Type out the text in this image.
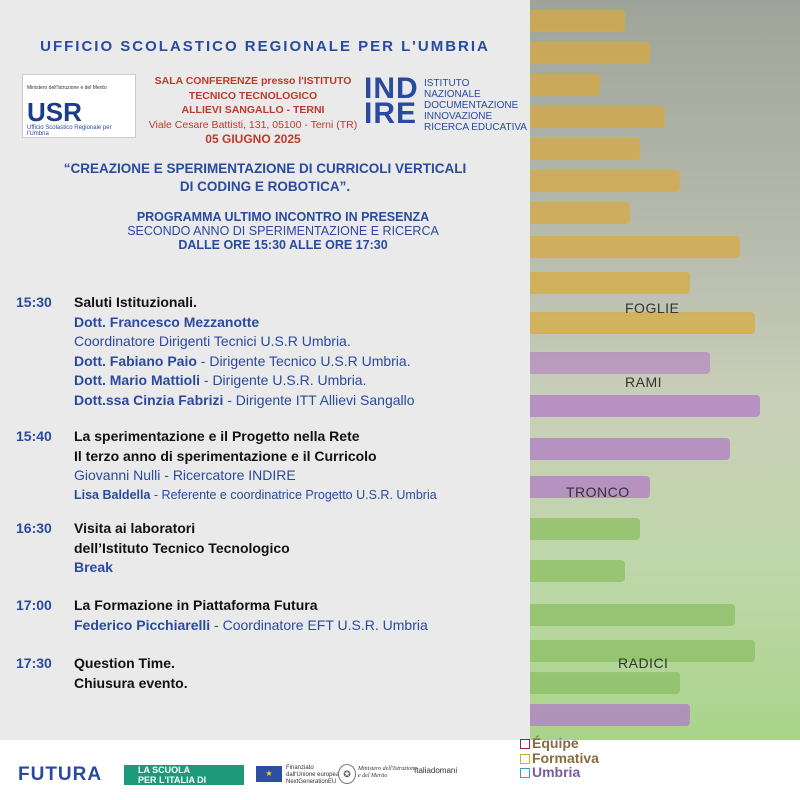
FOGLIE
RAMI
TRONCO
RADICI
UFFICIO SCOLASTICO REGIONALE PER L'UMBRIA
Ministero dell'Istruzione e del Merito
USR
Ufficio Scolastico Regionale per l'Umbria
SALA CONFERENZE presso l'ISTITUTO
TECNICO TECNOLOGICO
ALLIEVI SANGALLO - TERNI
Viale Cesare Battisti, 131, 05100 - Terni (TR)
05 GIUGNO 2025
IND
IRE
ISTITUTO
NAZIONALE
DOCUMENTAZIONE
INNOVAZIONE
RICERCA EDUCATIVA
“CREAZIONE E SPERIMENTAZIONE DI CURRICOLI VERTICALI
DI CODING E ROBOTICA”.
PROGRAMMA ULTIMO INCONTRO IN PRESENZA
SECONDO ANNO DI SPERIMENTAZIONE E RICERCA
DALLE ORE 15:30 ALLE ORE 17:30
15:30 Saluti Istituzionali.
Dott. Francesco Mezzanotte
Coordinatore Dirigenti Tecnici U.S.R Umbria.
Dott. Fabiano Paio - Dirigente Tecnico U.S.R Umbria.
Dott. Mario Mattioli - Dirigente U.S.R. Umbria.
Dott.ssa Cinzia Fabrizi - Dirigente ITT Allievi Sangallo
15:40 La sperimentazione e il Progetto nella Rete
Il terzo anno di sperimentazione e il Curricolo
Giovanni Nulli - Ricercatore INDIRE
Lisa Baldella - Referente e coordinatrice Progetto U.S.R. Umbria
16:30 Visita ai laboratori
dell’Istituto Tecnico Tecnologico
Break
17:00 La Formazione in Piattaforma Futura
Federico Picchiarelli - Coordinatore EFT U.S.R. Umbria
17:30 Question Time.
Chiusura evento.
FUTURA	LA SCUOLA
PER L'ITALIA DI DOMANI
★
Finanziato
dall'Unione europea
NextGenerationEU
✪	Ministero dell'Istruzione
e del Merito
Italiadomani
Équipe
Formativa
Umbria
